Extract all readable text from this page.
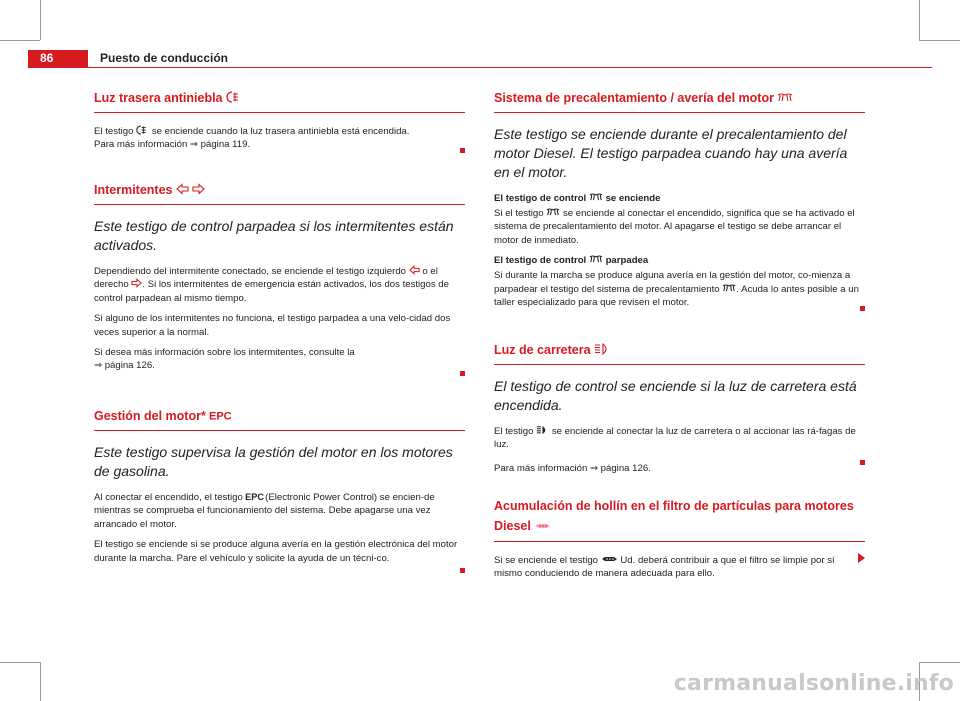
86	Puesto de conducción
Luz trasera antiniebla

El testigo se enciende cuando la luz trasera antiniebla está encendida.
Para más información ⇒ página 119.

Intermitentes

Este testigo de control parpadea si los intermitentes están activados.

Dependiendo del intermitente conectado, se enciende el testigo izquierdo o el derecho . Si los intermitentes de emergencia están activados, los dos testigos de control parpadean al mismo tiempo.

Si alguno de los intermitentes no funciona, el testigo parpadea a una velo-cidad dos veces superior a la normal.

Si desea más información sobre los intermitentes, consulte la
⇒ página 126.

Gestión del motor* EPC
Este testigo supervisa la gestión del motor en los motores de gasolina.

Al conectar el encendido, el testigo EPC (Electronic Power Control) se encien-de mientras se comprueba el funcionamiento del sistema. Debe apagarse una vez arrancado el motor.

El testigo se enciende si se produce alguna avería en la gestión electrónica del motor durante la marcha. Pare el vehículo y solicite la ayuda de un técni-co.

Sistema de precalentamiento / avería del motor
Este testigo se enciende durante el precalentamiento del motor Diesel. El testigo parpadea cuando hay una avería en el motor.
El testigo de control se enciende

Si el testigo se enciende al conectar el encendido, significa que se ha activado el sistema de precalentamiento del motor. Al apagarse el testigo se debe arrancar el motor de inmediato.

El testigo de control parpadea

Si durante la marcha se produce alguna avería en la gestión del motor, co-mienza a parpadear el testigo del sistema de precalentamiento . Acuda lo antes posible a un taller especializado para que revisen el motor.

Luz de carretera
El testigo de control se enciende si la luz de carretera está encendida.

El testigo se enciende al conectar la luz de carretera o al accionar las rá-fagas de luz.

Para más información ⇒ página 126.

Acumulación de hollín en el filtro de partículas para motores Diesel

Si se enciende el testigo Ud. deberá contribuir a que el filtro se limpie por sí mismo conduciendo de manera adecuada para ello.

carmanualsonline.info
